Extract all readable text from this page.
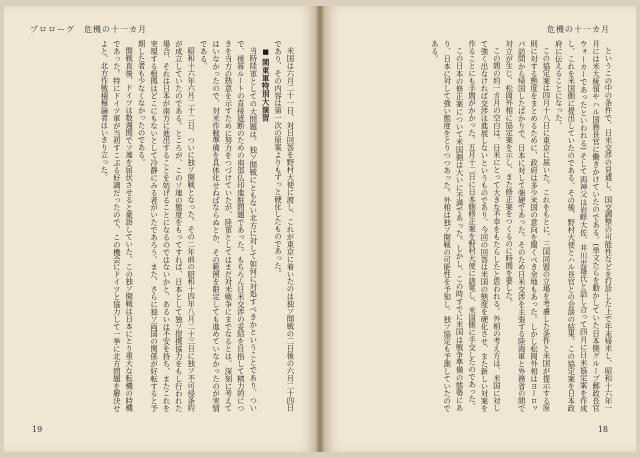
プロローグ　危機の十一カ月

米国は六月二十一日、対日回答を野村大使に渡し、これが東京に着いたのは独ソ開戦の二日後の六月二十四日であり、その内容は第一次の原案よりもずっと硬化したものであった。

■ 関東軍特別大演習

当時陸軍としての大問題は、独ソ開戦にともない北方に対して如何に対処すべきかということであり、ついで、援蒋ルートの直接遮断のための南部仏印進駐問題であった。もちろん日米交渉の妥結を目指して精力的につきを当方の熱意を示すために努力をつづけていたが、陸軍としてはまだ対米戦争にまでなるとは、深刻に考えてはいなかったので、対米作戦準備を具体化せねばならぬとか、その範囲を限定しても進めていなかったのが実情である。

昭和十六年六月二十二日、ついに独ソ開戦となった。その二年前の昭和十四年八月二十三日に独ソ不可侵条約が成立していたのである。ところが、このソ連の態度をもってすれば、日本として独ソ提携協力をもし行われた場合、それは日本が南方に進出することを妨げることになるのではないかと、あるいは不安を持ち、またこれを実現する根拠はどこにもないとして冷静にみる者がいたであろう。また、さらに独ソ両国の関係が好転すると予期した者も少なくなかったのである。

開戦直後、ドイツは数週間でソ連を屈伏させると豪語していた。この独ソ開戦は日本にとり重大な転機の時機であった。特にドイツ軍が当初すこぶる好調だったので、この機会にドイツと協力して一挙に北方問題を解決せよと、北方作戦積極論者はいきり立った。

19
危機の十一カ月

というこの中の条件で、日米交渉の見通し、国交調整の可能性などを打診した上で年末帰米し、昭和十六年一月には米大統領やハル国務長官に働きかけていたのである。(単文たらを動かしていた日本側グループ郵政長官ウォーカーであったといわれる) そして両神父は岩畔大佐、井川忠雄氏と話し合って四月に日米協定案を作成し、これを米国側に提出していたのである。その後、野村大使とハル長官との会談の結果、この協定案を日本政府に伝えることになった。

この協定案は四月十八日に東京に届いた。これをもとに、三国同盟の立場を考慮した条件と米国が提示する原則に対する態度をまとめるために、政府は多少米国の意向を聞くべき余地もあった。しかし松岡外相はヨーロッパ訪問から帰国したばかりで、日本に対して強硬であった。そのため日米交渉を主張する陸海軍と外務省の間で対立が生じ、松岡外相に協定案を示し、また修正案をつくるのに時間を要した。

この間の約一カ月の空白は、日米にとって大きな不幸をもたらしたと思われる。外相の考え方は、米国に対して強く出なければ交渉は進展しないというものであり、今回の回答は米国の態度を硬化させ、また新しい対案を作ることにも手間がかかった。五月十二日に日本側修正案を野村大使に訓電し、米国側に手交したのであった。

この日本の修正案について米国側は大いに不満であった。しかし、この時すでに米国は戦争準備の態勢にあり、日本に対して強い態度をとりつつあった。外相は独ソ開戦の可能性を予知し、独ソ協定も予測していたのである。

18
